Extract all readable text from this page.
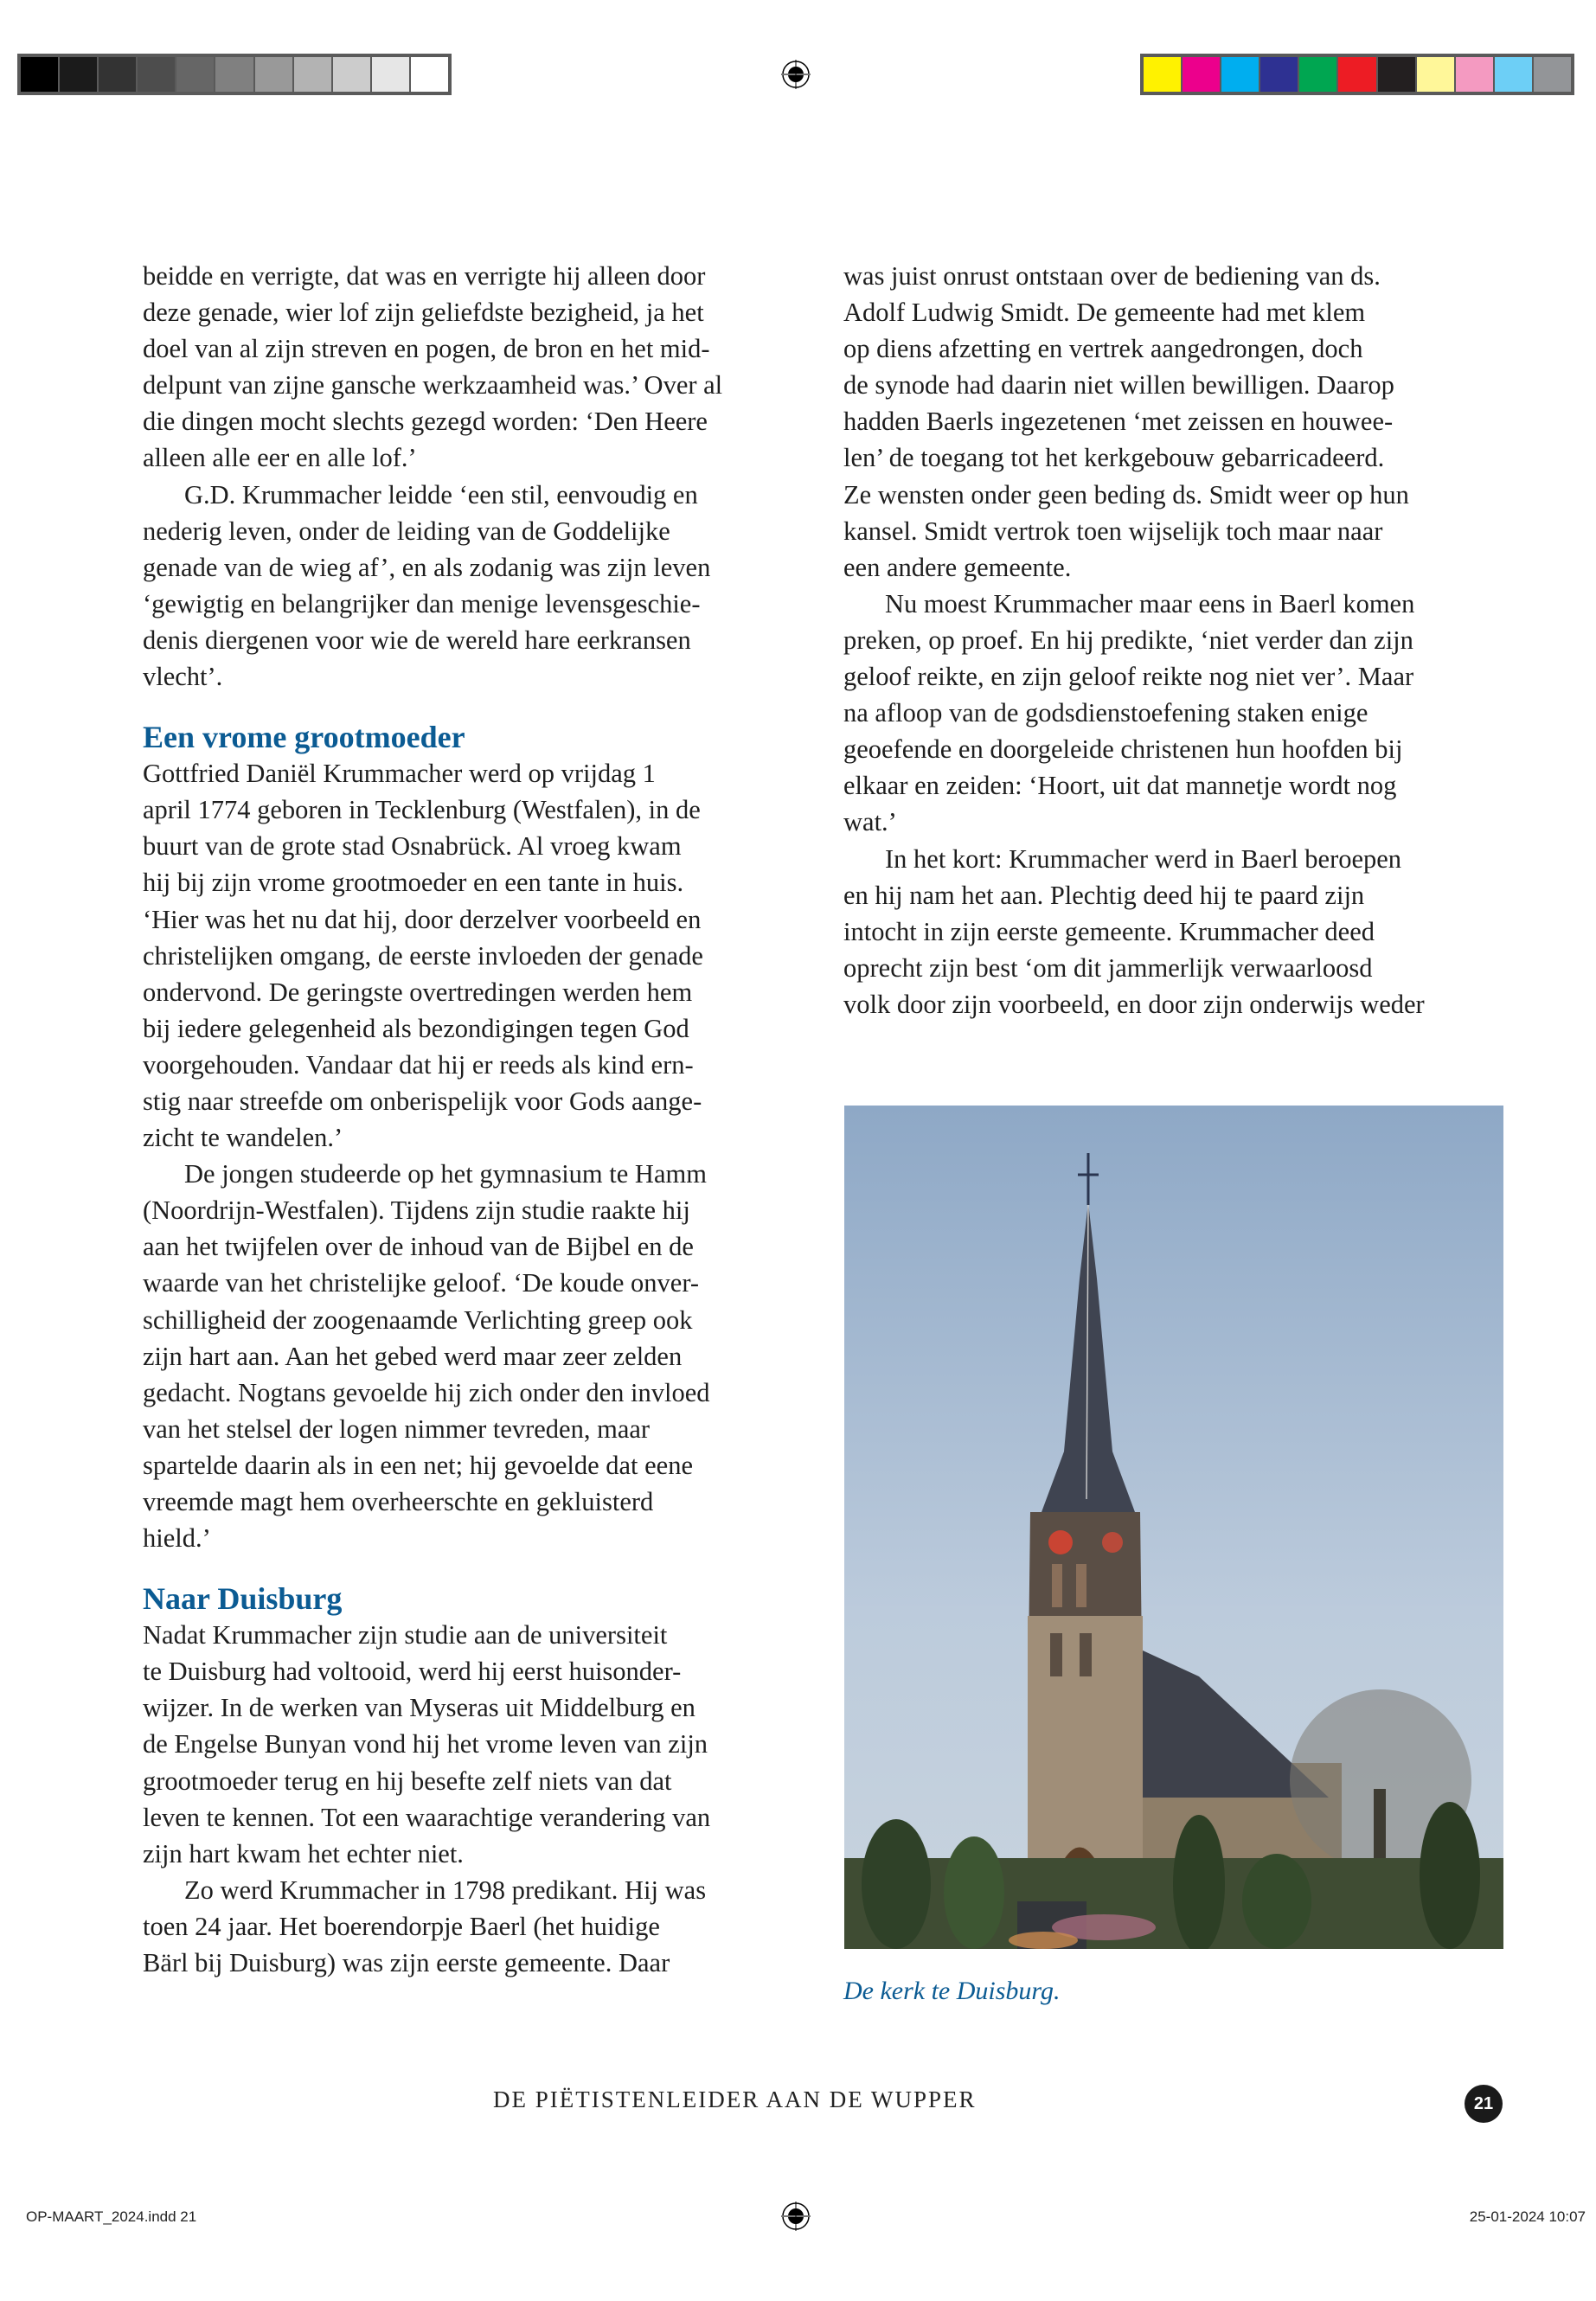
beidde en verrigte, dat was en verrigte hij alleen door
deze genade, wier lof zijn geliefdste bezigheid, ja het
doel van al zijn streven en pogen, de bron en het mid-
delpunt van zijne gansche werkzaamheid was.’ Over al
die dingen mocht slechts gezegd worden: ‘Den Heere
alleen alle eer en alle lof.’
G.D. Krummacher leidde ‘een stil, eenvoudig en
nederig leven, onder de leiding van de Goddelijke
genade van de wieg af’, en als zodanig was zijn leven
‘gewigtig en belangrijker dan menige levensgeschie-
denis diergenen voor wie de wereld hare eerkransen
vlecht’.
Een vrome grootmoeder
Gottfried Daniël Krummacher werd op vrijdag 1
april 1774 geboren in Tecklenburg (Westfalen), in de
buurt van de grote stad Osnabrück. Al vroeg kwam
hij bij zijn vrome grootmoeder en een tante in huis.
‘Hier was het nu dat hij, door derzelver voorbeeld en
christelijken omgang, de eerste invloeden der genade
ondervond. De geringste overtredingen werden hem
bij iedere gelegenheid als bezondigingen tegen God
voorgehouden. Vandaar dat hij er reeds als kind ern-
stig naar streefde om onberispelijk voor Gods aange-
zicht te wandelen.’
De jongen studeerde op het gymnasium te Hamm
(Noordrijn-Westfalen). Tijdens zijn studie raakte hij
aan het twijfelen over de inhoud van de Bijbel en de
waarde van het christelijke geloof. ‘De koude onver-
schilligheid der zoogenaamde Verlichting greep ook
zijn hart aan. Aan het gebed werd maar zeer zelden
gedacht. Nogtans gevoelde hij zich onder den invloed
van het stelsel der logen nimmer tevreden, maar
spartelde daarin als in een net; hij gevoelde dat eene
vreemde magt hem overheerschte en gekluisterd
hield.’
Naar Duisburg
Nadat Krummacher zijn studie aan de universiteit
te Duisburg had voltooid, werd hij eerst huisonder-
wijzer. In de werken van Myseras uit Middelburg en
de Engelse Bunyan vond hij het vrome leven van zijn
grootmoeder terug en hij besefte zelf niets van dat
leven te kennen. Tot een waarachtige verandering van
zijn hart kwam het echter niet.
Zo werd Krummacher in 1798 predikant. Hij was
toen 24 jaar. Het boerendorpje Baerl (het huidige
Bärl bij Duisburg) was zijn eerste gemeente. Daar
was juist onrust ontstaan over de bediening van ds.
Adolf Ludwig Smidt. De gemeente had met klem
op diens afzetting en vertrek aangedrongen, doch
de synode had daarin niet willen bewilligen. Daarop
hadden Baerls ingezetenen ‘met zeissen en houwee-
len’ de toegang tot het kerkgebouw gebarricadeerd.
Ze wensten onder geen beding ds. Smidt weer op hun
kansel. Smidt vertrok toen wijselijk toch maar naar
een andere gemeente.
Nu moest Krummacher maar eens in Baerl komen
preken, op proef. En hij predikte, ‘niet verder dan zijn
geloof reikte, en zijn geloof reikte nog niet ver’. Maar
na afloop van de godsdienstoefening staken enige
geoefende en doorgeleide christenen hun hoofden bij
elkaar en zeiden: ‘Hoort, uit dat mannetje wordt nog
wat.’
In het kort: Krummacher werd in Baerl beroepen
en hij nam het aan. Plechtig deed hij te paard zijn
intocht in zijn eerste gemeente. Krummacher deed
oprecht zijn best ‘om dit jammerlijk verwaarloosd
volk door zijn voorbeeld, en door zijn onderwijs weder
De kerk te Duisburg.
DE PIËTISTENLEIDER AAN DE WUPPER	21
OP-MAART_2024.indd 21	25-01-2024 10:07
